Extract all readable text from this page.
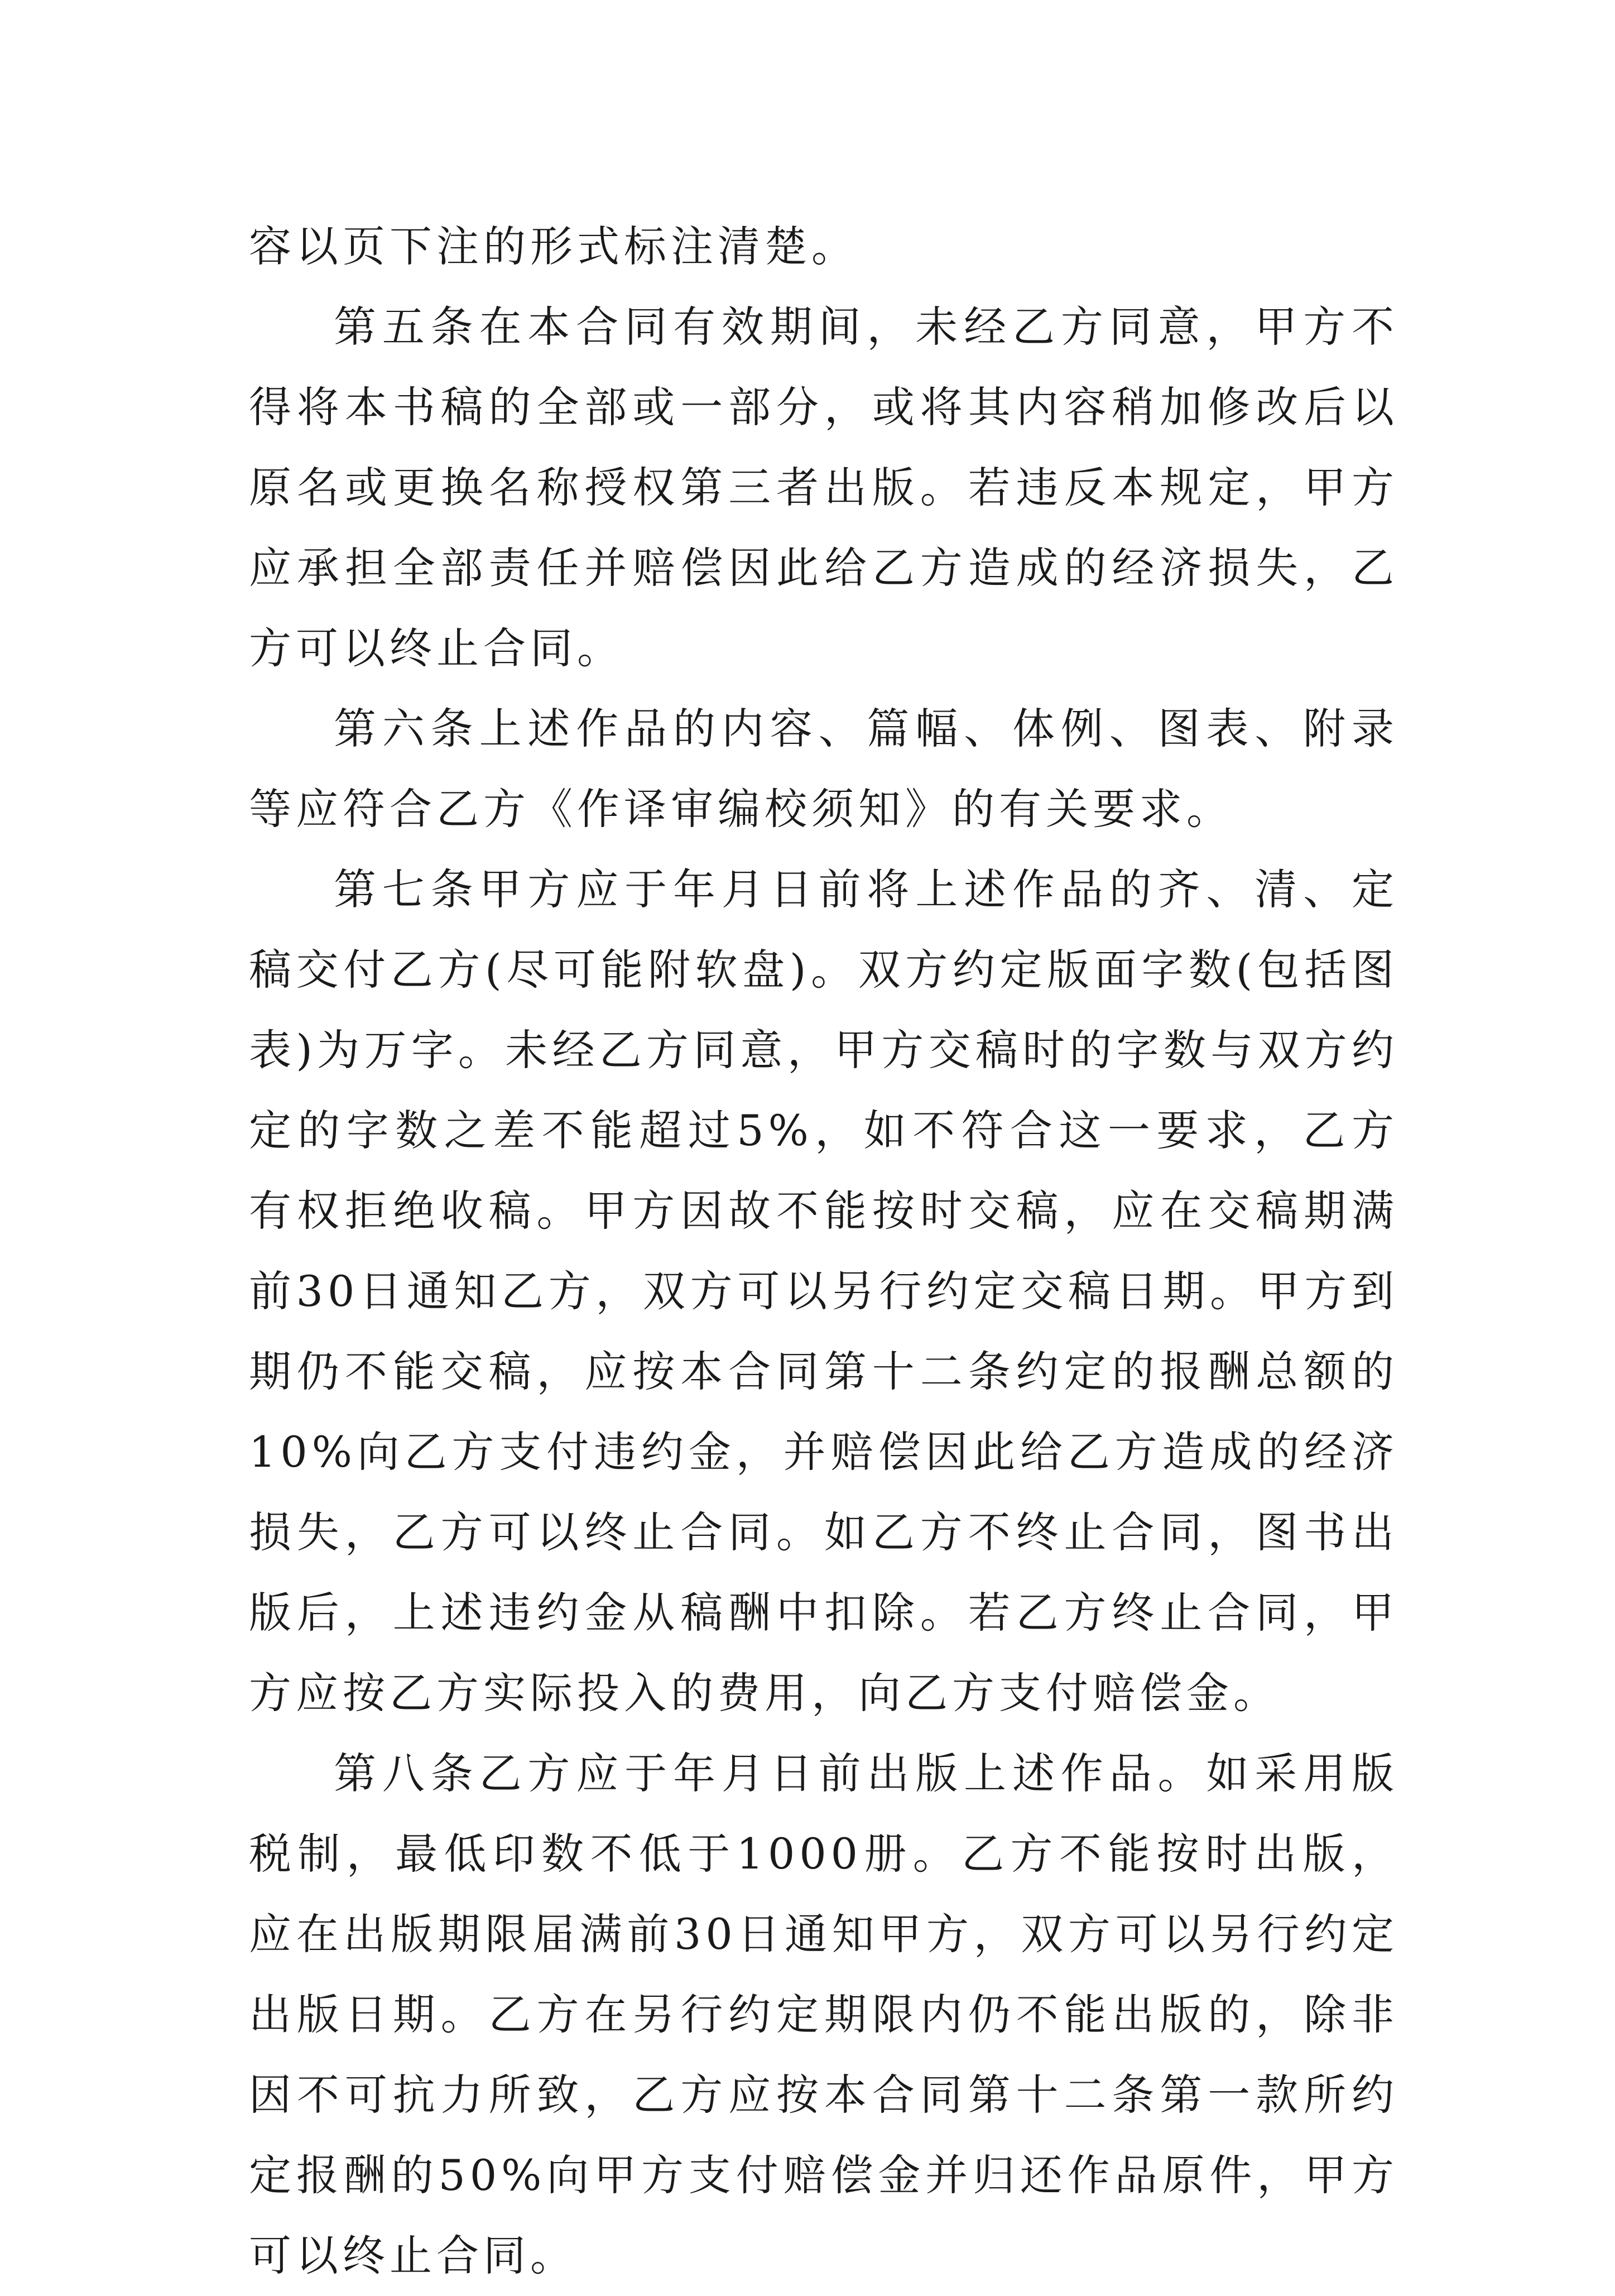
容以页下注的形式标注清楚。

第五条在本合同有效期间，未经乙方同意，甲方不得将本书稿的全部或一部分，或将其内容稍加修改后以原名或更换名称授权第三者出版。若违反本规定，甲方应承担全部责任并赔偿因此给乙方造成的经济损失，乙方可以终止合同。

第六条上述作品的内容、篇幅、体例、图表、附录等应符合乙方《作译审编校须知》的有关要求。

第七条甲方应于年月日前将上述作品的齐、清、定稿交付乙方(尽可能附软盘)。双方约定版面字数(包括图表)为万字。未经乙方同意，甲方交稿时的字数与双方约定的字数之差不能超过5%，如不符合这一要求，乙方有权拒绝收稿。甲方因故不能按时交稿，应在交稿期满前30日通知乙方，双方可以另行约定交稿日期。甲方到期仍不能交稿，应按本合同第十二条约定的报酬总额的10%向乙方支付违约金，并赔偿因此给乙方造成的经济损失，乙方可以终止合同。如乙方不终止合同，图书出版后，上述违约金从稿酬中扣除。若乙方终止合同，甲方应按乙方实际投入的费用，向乙方支付赔偿金。

第八条乙方应于年月日前出版上述作品。如采用版税制，最低印数不低于1000册。乙方不能按时出版，应在出版期限届满前30日通知甲方，双方可以另行约定出版日期。乙方在另行约定期限内仍不能出版的，除非因不可抗力所致，乙方应按本合同第十二条第一款所约定报酬的50%向甲方支付赔偿金并归还作品原件，甲方可以终止合同。
